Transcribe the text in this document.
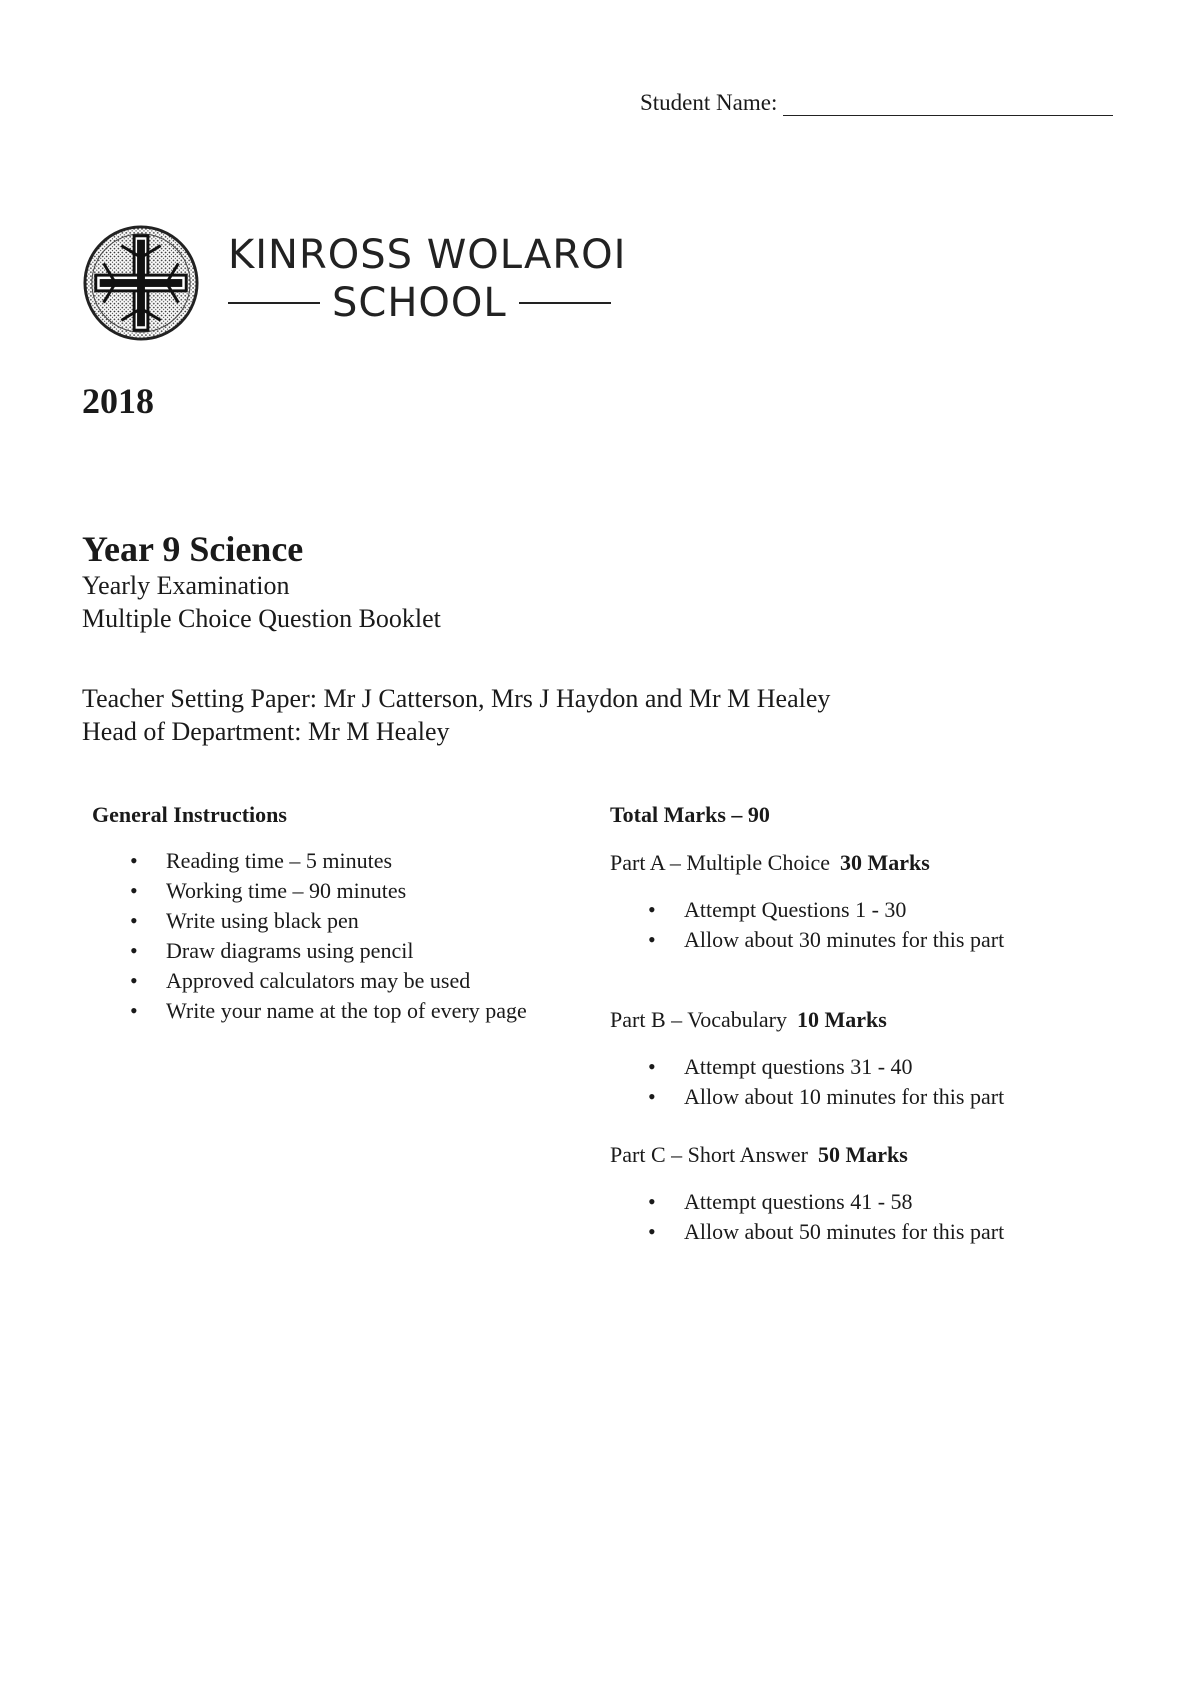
Student Name:
KINROSS WOLAROI
SCHOOL
2018
Year 9 Science
Yearly Examination
Multiple Choice Question Booklet
Teacher Setting Paper: Mr J Catterson, Mrs J Haydon and Mr M Healey
Head of Department: Mr M Healey
General Instructions
• Reading time – 5 minutes
• Working time – 90 minutes
• Write using black pen
• Draw diagrams using pencil
• Approved calculators may be used
• Write your name at the top of every page
Total Marks – 90
Part A – Multiple Choice 30 Marks
• Attempt Questions 1 - 30
• Allow about 30 minutes for this part
Part B – Vocabulary 10 Marks
• Attempt questions 31 - 40
• Allow about 10 minutes for this part
Part C – Short Answer 50 Marks
• Attempt questions 41 - 58
• Allow about 50 minutes for this part
